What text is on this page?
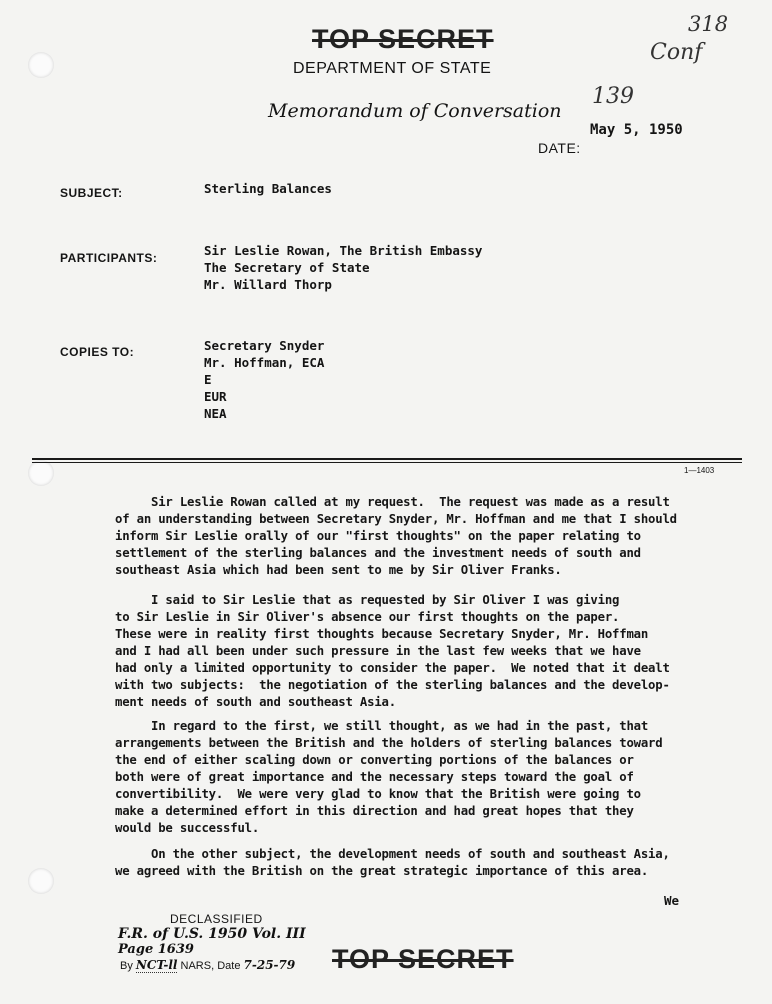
TOP SECRET
DEPARTMENT OF STATE
Memorandum of Conversation
318
Conf
139
DATE:
May 5, 1950
SUBJECT:	Sterling Balances
PARTICIPANTS:	Sir Leslie Rowan, The British Embassy
The Secretary of State
Mr. Willard Thorp
COPIES TO:	Secretary Snyder
Mr. Hoffman, ECA
E
EUR
NEA
1—1403
Sir Leslie Rowan called at my request.  The request was made as a result
of an understanding between Secretary Snyder, Mr. Hoffman and me that I should
inform Sir Leslie orally of our "first thoughts" on the paper relating to
settlement of the sterling balances and the investment needs of south and
southeast Asia which had been sent to me by Sir Oliver Franks.
I said to Sir Leslie that as requested by Sir Oliver I was giving
to Sir Leslie in Sir Oliver's absence our first thoughts on the paper.
These were in reality first thoughts because Secretary Snyder, Mr. Hoffman
and I had all been under such pressure in the last few weeks that we have
had only a limited opportunity to consider the paper.  We noted that it dealt
with two subjects:  the negotiation of the sterling balances and the develop-
ment needs of south and southeast Asia.
In regard to the first, we still thought, as we had in the past, that
arrangements between the British and the holders of sterling balances toward
the end of either scaling down or converting portions of the balances or
both were of great importance and the necessary steps toward the goal of
convertibility.  We were very glad to know that the British were going to
make a determined effort in this direction and had great hopes that they
would be successful.
On the other subject, the development needs of south and southeast Asia,
we agreed with the British on the great strategic importance of this area.
We
DECLASSIFIED
F.R. of U.S. 1950 Vol. III
Page 1639
By NCT-ll NARS, Date 7-25-79 TOP SECRET
